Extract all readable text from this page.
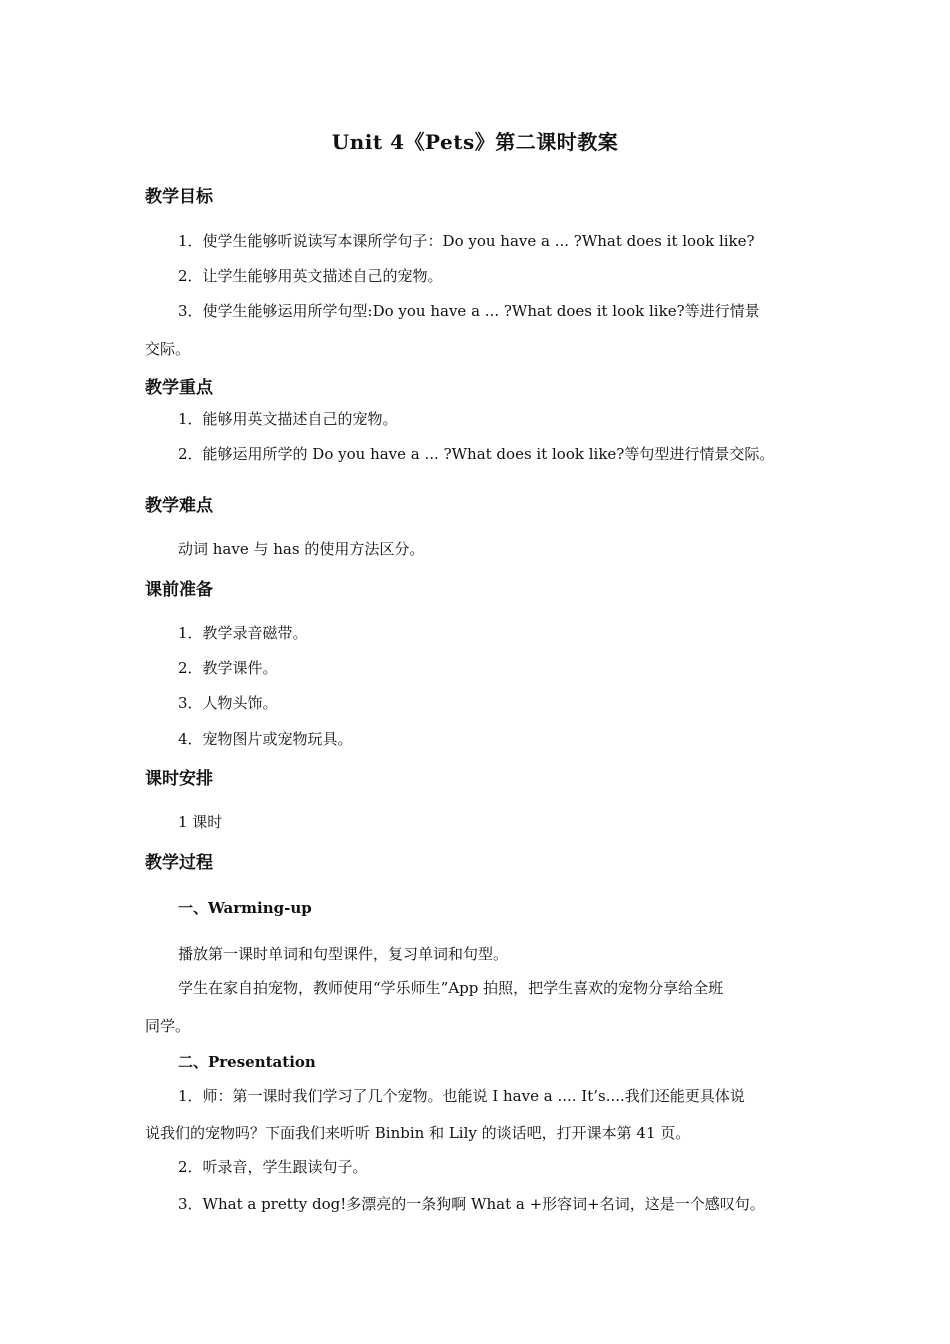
Unit 4《Pets》第二课时教案
教学目标
1．使学生能够听说读写本课所学句子：Do you have a ... ?What does it look like?
2．让学生能够用英文描述自己的宠物。
3．使学生能够运用所学句型:Do you have a ... ?What does it look like?等进行情景
交际。
教学重点
1．能够用英文描述自己的宠物。
2．能够运用所学的 Do you have a ... ?What does it look like?等句型进行情景交际。
教学难点
动词 have 与 has 的使用方法区分。
课前准备
1．教学录音磁带。
2．教学课件。
3．人物头饰。
4．宠物图片或宠物玩具。
课时安排
1 课时
教学过程
一、Warming-up
播放第一课时单词和句型课件，复习单词和句型。
学生在家自拍宠物，教师使用“学乐师生”App 拍照，把学生喜欢的宠物分享给全班
同学。
二、Presentation
1．师：第一课时我们学习了几个宠物。也能说 I have a .... It’s....我们还能更具体说
说我们的宠物吗？下面我们来听听 Binbin 和 Lily 的谈话吧，打开课本第 41 页。
2．听录音，学生跟读句子。
3．What a pretty dog!多漂亮的一条狗啊 What a +形容词+名词，这是一个感叹句。
